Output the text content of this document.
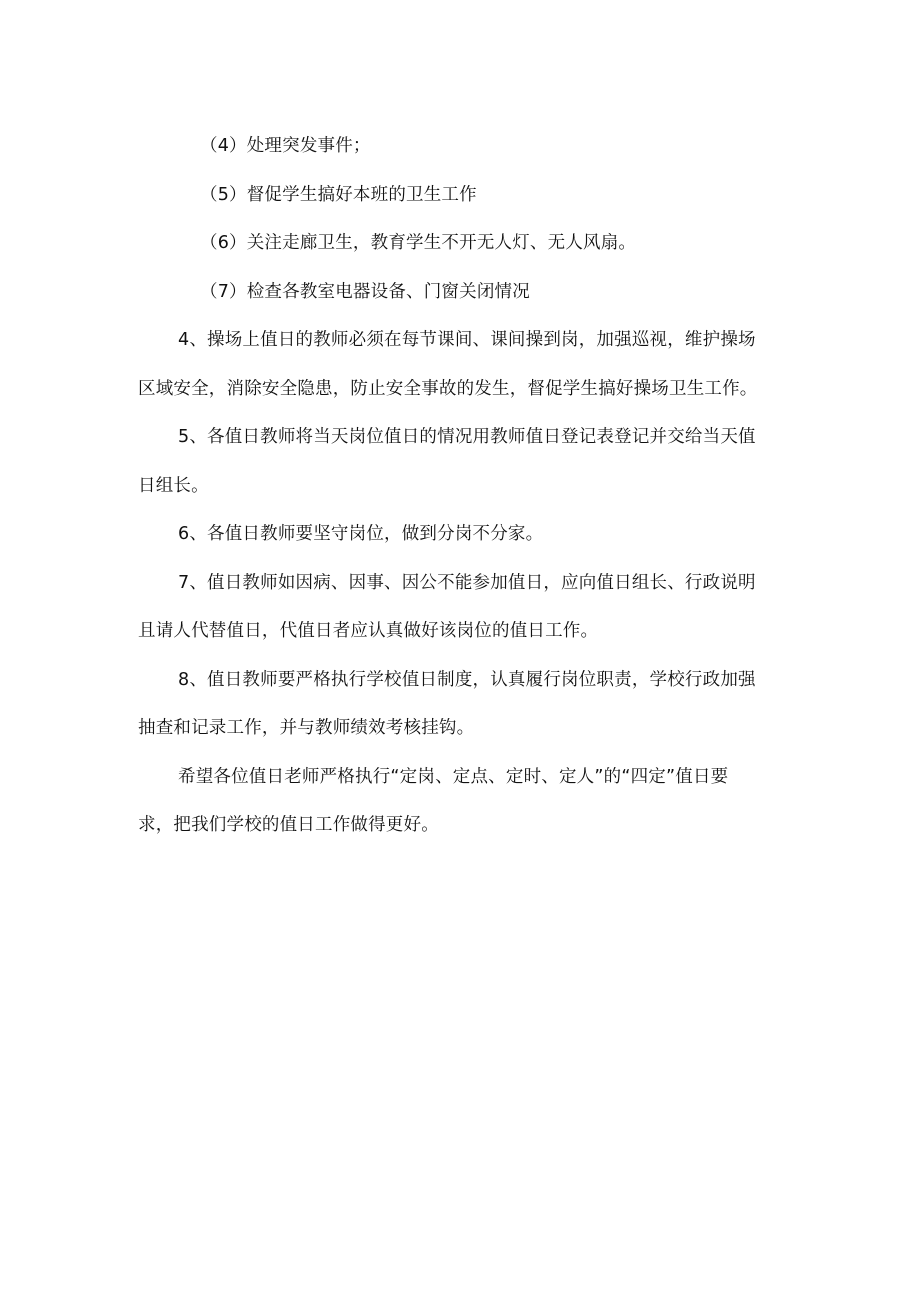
（4）处理突发事件；
（5）督促学生搞好本班的卫生工作
（6）关注走廊卫生，教育学生不开无人灯、无人风扇。
（7）检查各教室电器设备、门窗关闭情况
4、操场上值日的教师必须在每节课间、课间操到岗，加强巡视，维护操场
区域安全，消除安全隐患，防止安全事故的发生，督促学生搞好操场卫生工作。
5、各值日教师将当天岗位值日的情况用教师值日登记表登记并交给当天值
日组长。
6、各值日教师要坚守岗位，做到分岗不分家。
7、值日教师如因病、因事、因公不能参加值日，应向值日组长、行政说明
且请人代替值日，代值日者应认真做好该岗位的值日工作。
8、值日教师要严格执行学校值日制度，认真履行岗位职责，学校行政加强
抽查和记录工作，并与教师绩效考核挂钩。
希望各位值日老师严格执行“定岗、定点、定时、定人”的“四定”值日要
求，把我们学校的值日工作做得更好。
